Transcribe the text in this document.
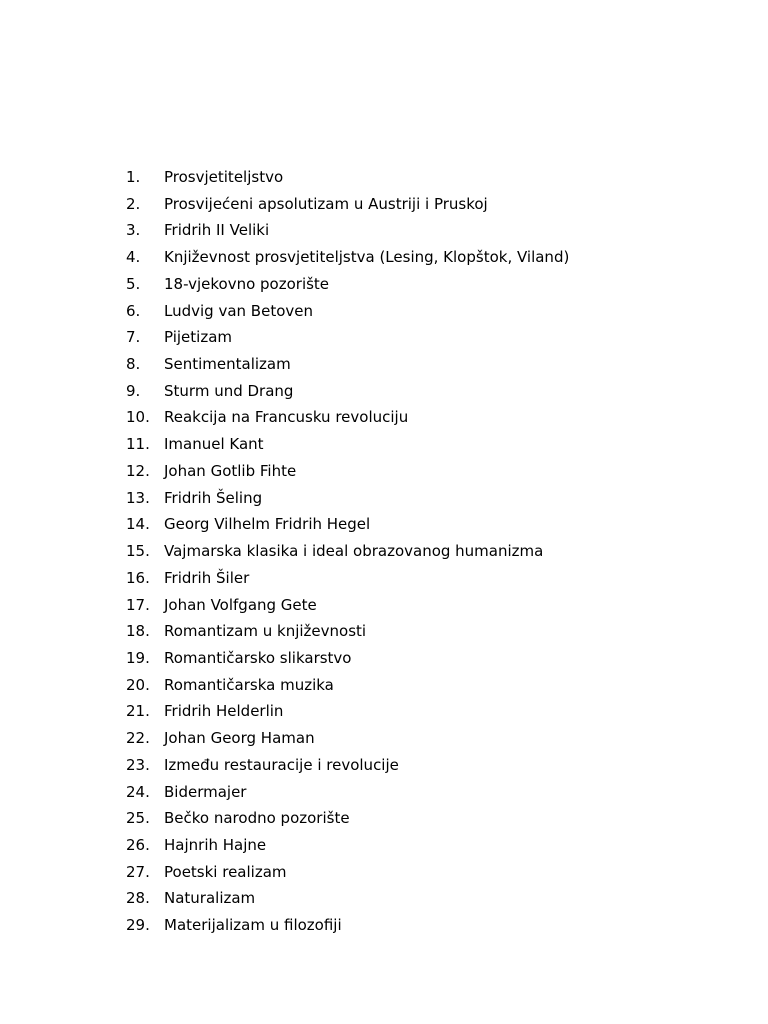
1.	Prosvjetiteljstvo
2.	Prosvijećeni apsolutizam u Austriji i Pruskoj
3.	Fridrih II Veliki
4.	Književnost prosvjetiteljstva (Lesing, Klopštok, Viland)
5.	18-vjekovno pozorište
6.	Ludvig van Betoven
7.	Pijetizam
8.	Sentimentalizam
9.	Sturm und Drang
10. Reakcija na Francusku revoluciju
11. Imanuel Kant
12. Johan Gotlib Fihte
13. Fridrih Šeling
14. Georg Vilhelm Fridrih Hegel
15. Vajmarska klasika i ideal obrazovanog humanizma
16. Fridrih Šiler
17. Johan Volfgang Gete
18. Romantizam u književnosti
19. Romantičarsko slikarstvo
20. Romantičarska muzika
21. Fridrih Helderlin
22. Johan Georg Haman
23. Između restauracije i revolucije
24. Bidermajer
25. Bečko narodno pozorište
26. Hajnrih Hajne
27. Poetski realizam
28. Naturalizam
29. Materijalizam u filozofiji
